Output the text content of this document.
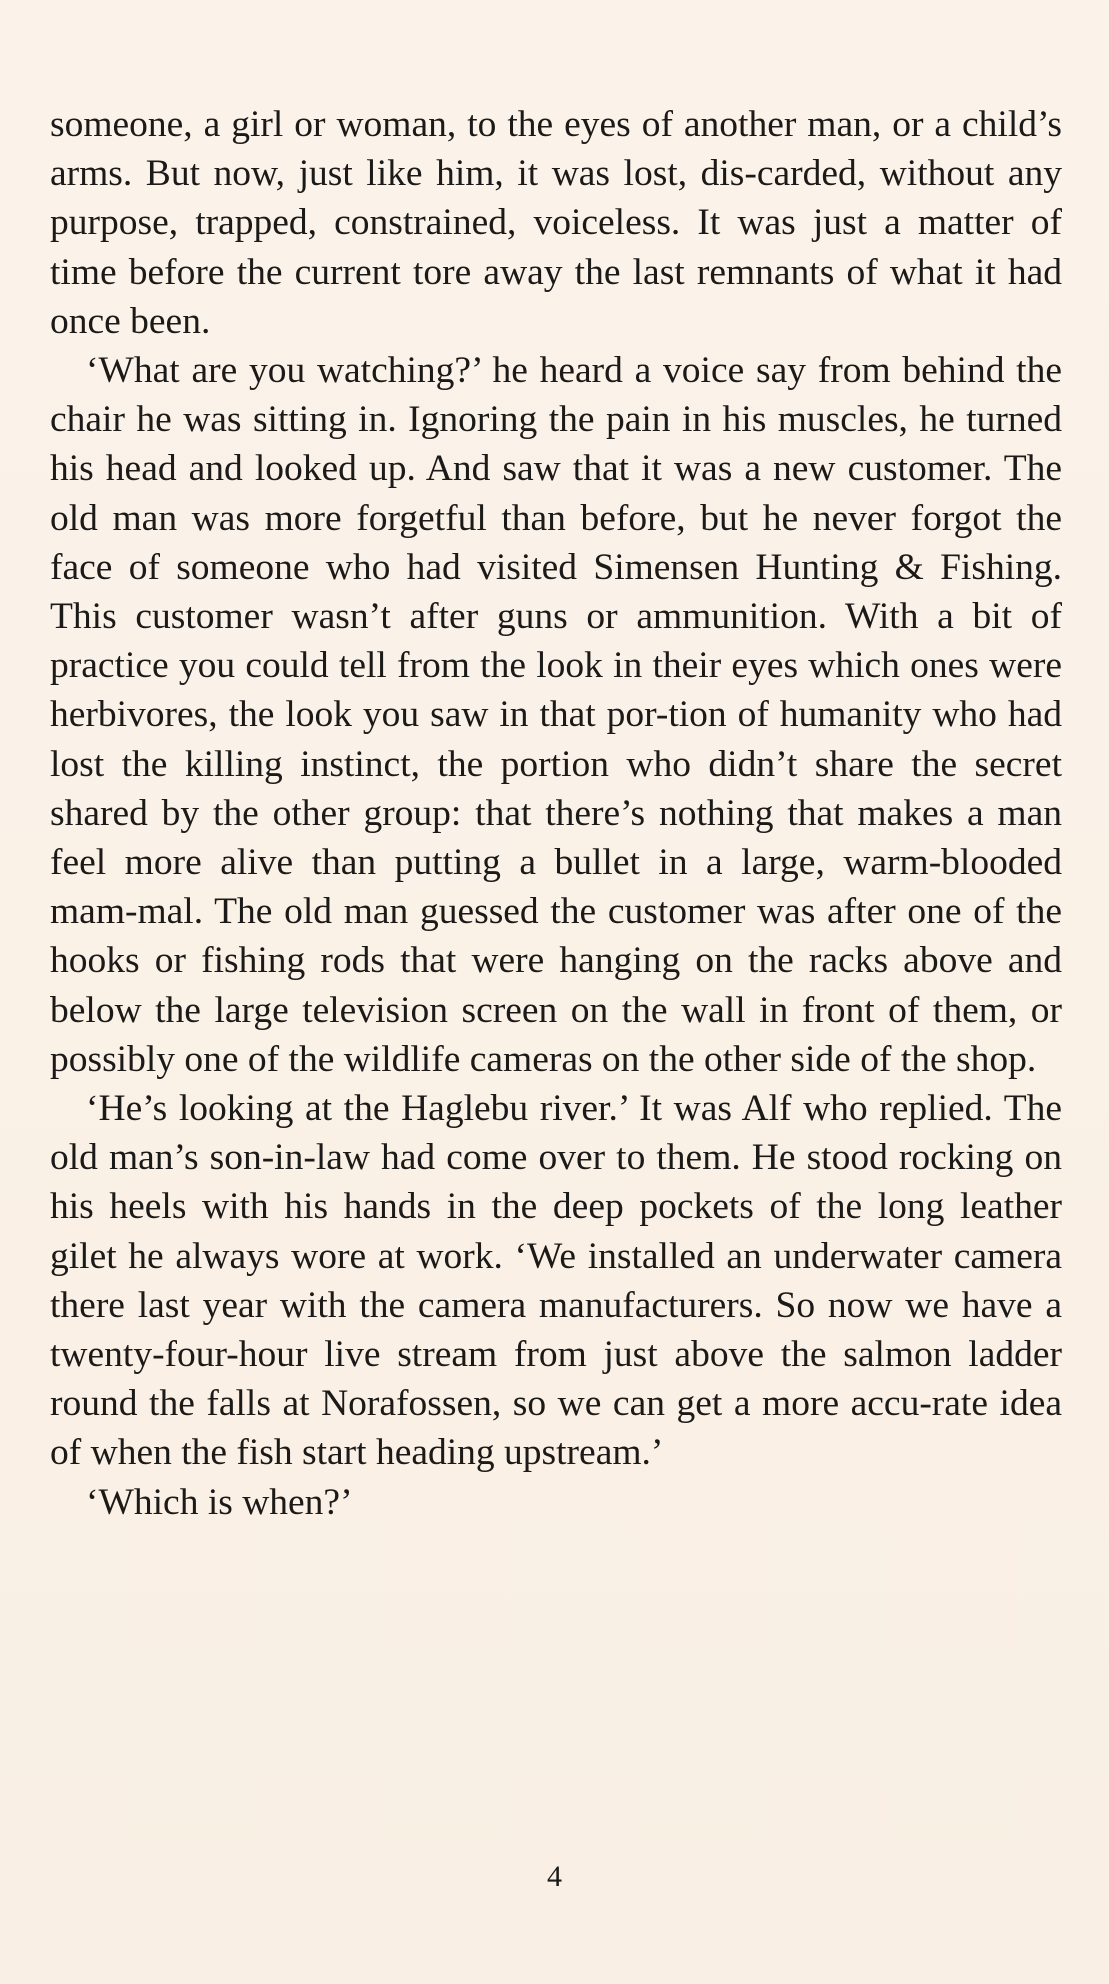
someone, a girl or woman, to the eyes of another man, or a child’s arms. But now, just like him, it was lost, dis-carded, without any purpose, trapped, constrained, voiceless. It was just a matter of time before the current tore away the last remnants of what it had once been.

‘What are you watching?’ he heard a voice say from behind the chair he was sitting in. Ignoring the pain in his muscles, he turned his head and looked up. And saw that it was a new customer. The old man was more forgetful than before, but he never forgot the face of someone who had visited Simensen Hunting & Fishing. This customer wasn’t after guns or ammunition. With a bit of practice you could tell from the look in their eyes which ones were herbivores, the look you saw in that por-tion of humanity who had lost the killing instinct, the portion who didn’t share the secret shared by the other group: that there’s nothing that makes a man feel more alive than putting a bullet in a large, warm-blooded mam-mal. The old man guessed the customer was after one of the hooks or fishing rods that were hanging on the racks above and below the large television screen on the wall in front of them, or possibly one of the wildlife cameras on the other side of the shop.

‘He’s looking at the Haglebu river.’ It was Alf who replied. The old man’s son-in-law had come over to them. He stood rocking on his heels with his hands in the deep pockets of the long leather gilet he always wore at work. ‘We installed an underwater camera there last year with the camera manufacturers. So now we have a twenty-four-hour live stream from just above the salmon ladder round the falls at Norafossen, so we can get a more accu-rate idea of when the fish start heading upstream.’

‘Which is when?’

4
